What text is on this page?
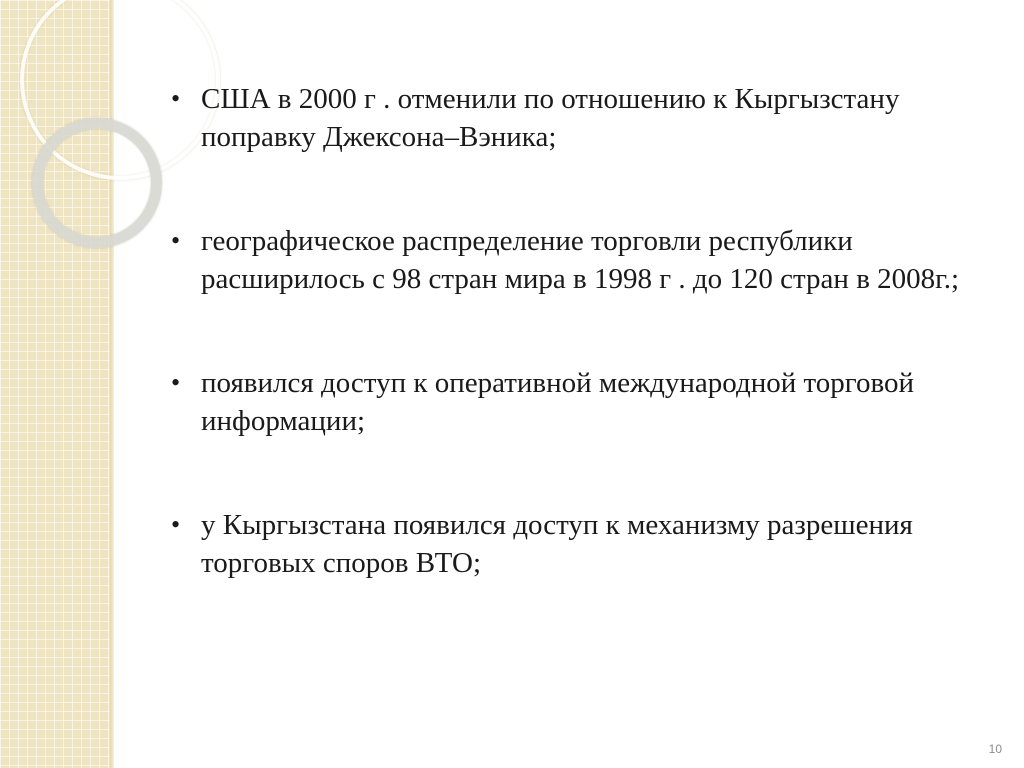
• США в 2000 г . отменили по отношению к Кыргызстану поправку Джексона–Вэника;
• географическое распределение торговли республики расширилось с 98 стран мира в 1998 г . до 120 стран в 2008г.;
• появился доступ к оперативной международной торговой информации;
• у Кыргызстана появился доступ к механизму разрешения торговых споров ВТО;
10
